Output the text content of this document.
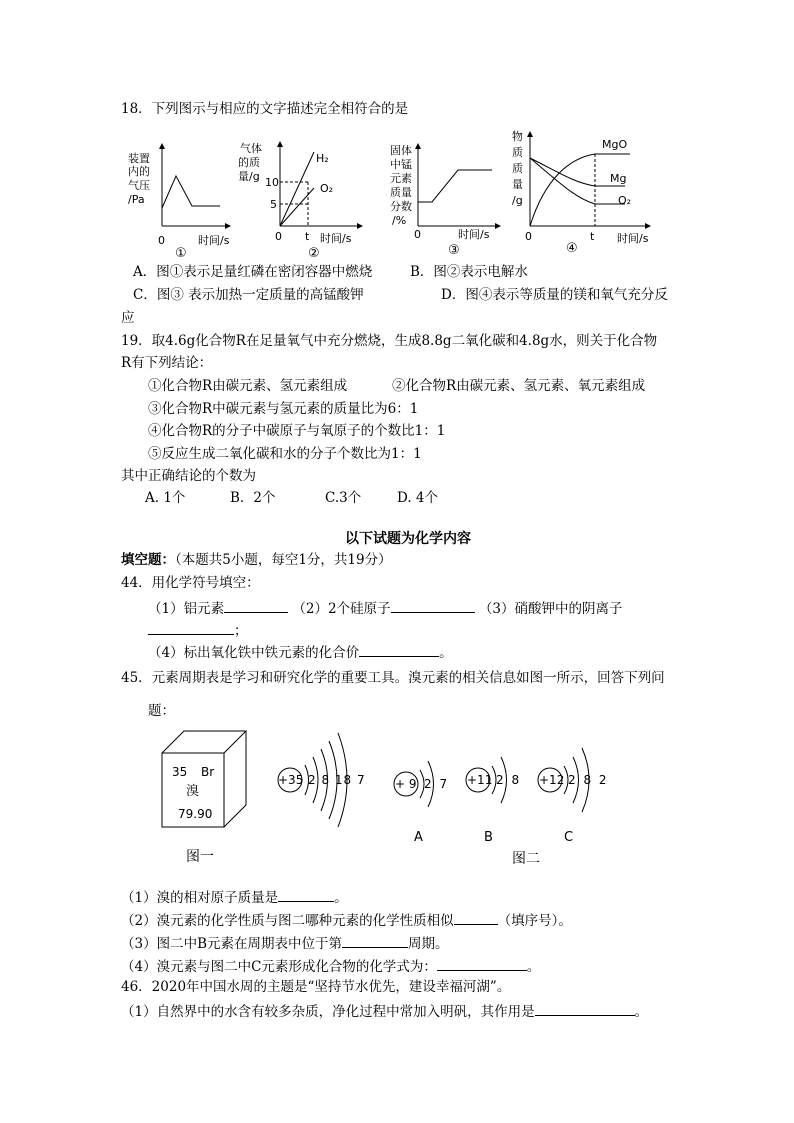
18．下列图示与相应的文字描述完全相符合的是
装置
内的
气压
/Pa
0	时间/s
①
气体
的质
量/g 10
5
H₂
O₂
0 t 时间/s
②
固体
中锰
元素
质量
分数
/%
0	时间/s
③
物
质
质
量
/g
MgO
Mg
O₂
0	t 时间/s
④
A．图①表示足量红磷在密闭容器中燃烧	B．图②表示电解水
C．图③ 表示加热一定质量的高锰酸钾	D．图④表示等质量的镁和氧气充分反
应
19．取4.6g化合物R在足量氧气中充分燃烧，生成8.8g二氧化碳和4.8g水，则关于化合物
R有下列结论：
①化合物R由碳元素、氢元素组成	②化合物R由碳元素、氢元素、氧元素组成
③化合物R中碳元素与氢元素的质量比为6：1
④化合物R的分子中碳原子与氧原子的个数比1：1
⑤反应生成二氧化碳和水的分子个数比为1：1
其中正确结论的个数为
A. 1个	B．2个	C.3个	D. 4个
以下试题为化学内容
填空题：（本题共5小题，每空1分，共19分）
44．用化学符号填空：
（1）铝元素	（2）2个硅原子	（3）硝酸钾中的阴离子
；
（4）标出氧化铁中铁元素的化合价	。
45．元素周期表是学习和研究化学的重要工具。溴元素的相关信息如图一所示，回答下列问
题：
35 Br
溴
79.90
+35 2 8 18 7 + 9 2 7 +11 2 8 +12 2 8 2
A	B	C
图一	图二
（1）溴的相对原子质量是	。
（2）溴元素的化学性质与图二哪种元素的化学性质相似	（填序号）。
（3）图二中B元素在周期表中位于第	周期。
（4）溴元素与图二中C元素形成化合物的化学式为：	。
46．2020年中国水周的主题是“坚持节水优先，建设幸福河湖”。
（1）自然界中的水含有较多杂质，净化过程中常加入明矾，其作用是	。
